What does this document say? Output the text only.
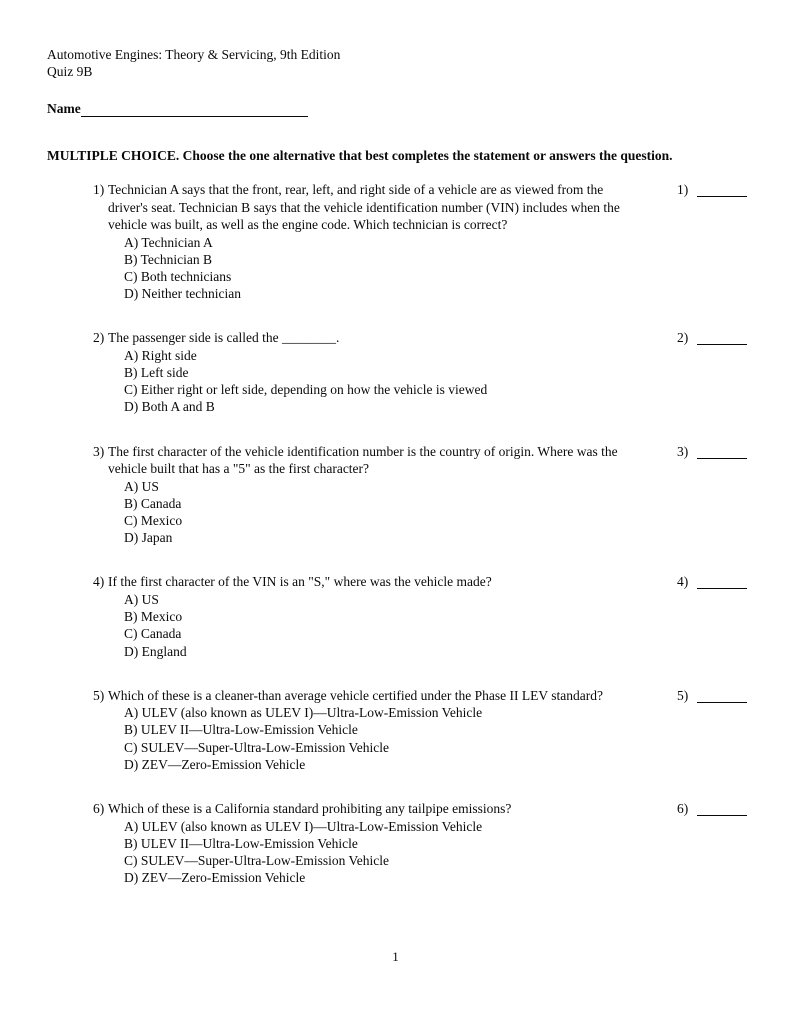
Automotive Engines: Theory & Servicing, 9th Edition
Quiz 9B
Name
MULTIPLE CHOICE. Choose the one alternative that best completes the statement or answers the question.
1) Technician A says that the front, rear, left, and right side of a vehicle are as viewed from the driver's seat. Technician B says that the vehicle identification number (VIN) includes when the vehicle was built, as well as the engine code. Which technician is correct?
A) Technician A
B) Technician B
C) Both technicians
D) Neither technician
1)
2) The passenger side is called the ________.
A) Right side
B) Left side
C) Either right or left side, depending on how the vehicle is viewed
D) Both A and B
2)
3) The first character of the vehicle identification number is the country of origin. Where was the vehicle built that has a "5" as the first character?
A) US
B) Canada
C) Mexico
D) Japan
3)
4) If the first character of the VIN is an "S," where was the vehicle made?
A) US
B) Mexico
C) Canada
D) England
4)
5) Which of these is a cleaner-than average vehicle certified under the Phase II LEV standard?
A) ULEV (also known as ULEV I)—Ultra-Low-Emission Vehicle
B) ULEV II—Ultra-Low-Emission Vehicle
C) SULEV—Super-Ultra-Low-Emission Vehicle
D) ZEV—Zero-Emission Vehicle
5)
6) Which of these is a California standard prohibiting any tailpipe emissions?
A) ULEV (also known as ULEV I)—Ultra-Low-Emission Vehicle
B) ULEV II—Ultra-Low-Emission Vehicle
C) SULEV—Super-Ultra-Low-Emission Vehicle
D) ZEV—Zero-Emission Vehicle
6)
1
